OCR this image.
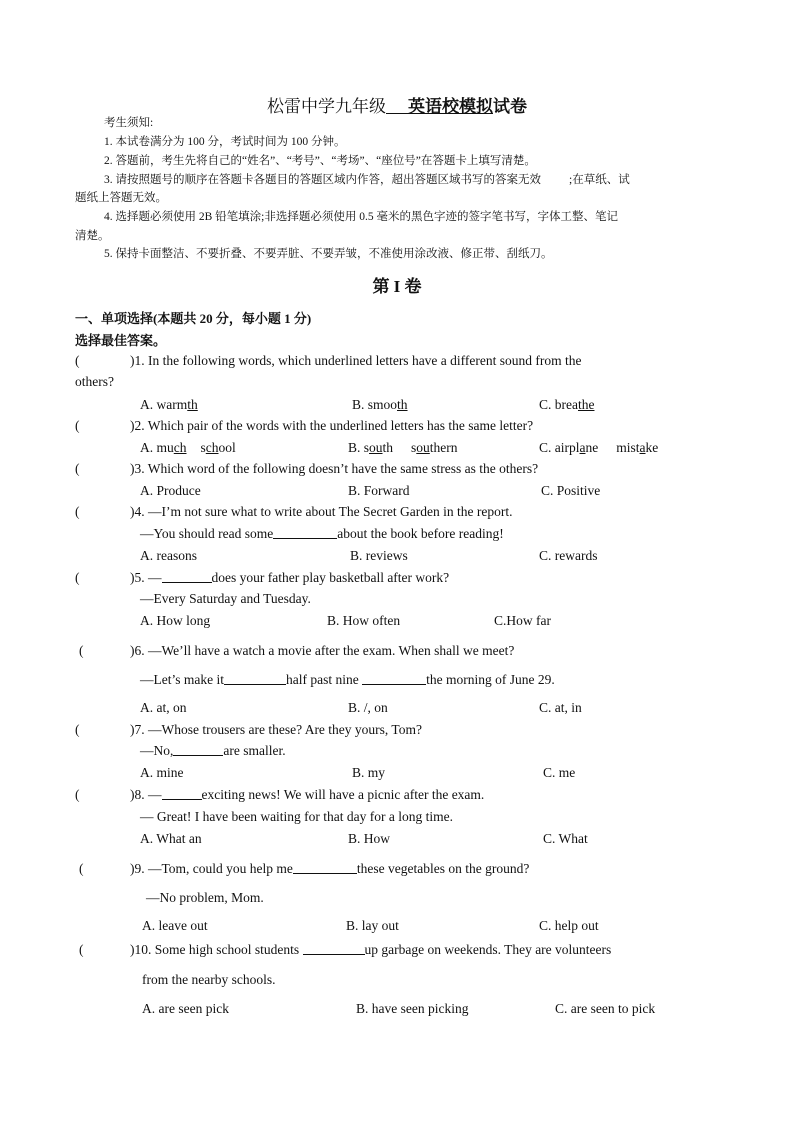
松雷中学九年级 英语校模拟试卷
考生须知:
1. 本试卷满分为 100 分，考试时间为 100 分钟。
2. 答题前，考生先将自己的“姓名”、“考号”、“考场”、“座位号”在答题卡上填写清楚。
3. 请按照题号的顺序在答题卡各题目的答题区域内作答，超出答题区域书写的答案无效 ;在草纸、试
题纸上答题无效。
4. 选择题必须使用 2B 铅笔填涂;非选择题必须使用 0.5 毫米的黑色字迹的签字笔书写，字体工整、笔记
清楚。
5. 保持卡面整洁、不要折叠、不要弄脏、不要弄皱，不准使用涂改液、修正带、刮纸刀。
第 I 卷
一、单项选择(本题共 20 分，每小题 1 分)
选择最佳答案。
(	)1. In the following words, which underlined letters have a different sound from the
others?
A. warmth	B. smooth	C. breathe
(	)2. Which pair of the words with the underlined letters has the same letter?
A. much school	B. south southern	C. airplane mistake
(	)3. Which word of the following doesn’t have the same stress as the others?
A. Produce	B. Forward	C. Positive
(	)4. —I’m not sure what to write about The Secret Garden in the report.
—You should read some	about the book before reading!
A. reasons	B. reviews	C. rewards
(	)5. —	does your father play basketball after work?
—Every Saturday and Tuesday.
A. How long	B. How often	C.How far
(	)6. —We’ll have a watch a movie after the exam. When shall we meet?
—Let’s make it	half past nine	the morning of June 29.
A. at, on	B. /, on	C. at, in
(	)7. —Whose trousers are these? Are they yours, Tom?
—No,	are smaller.
A. mine	B. my	C. me
(	)8. —	exciting news! We will have a picnic after the exam.
— Great! I have been waiting for that day for a long time.
A. What an	B. How	C. What
(	)9. —Tom, could you help me	these vegetables on the ground?
—No problem, Mom.
A. leave out	B. lay out	C. help out
(	)10. Some high school students	up garbage on weekends. They are volunteers
from the nearby schools.
A. are seen pick	B. have seen picking	C. are seen to pick
